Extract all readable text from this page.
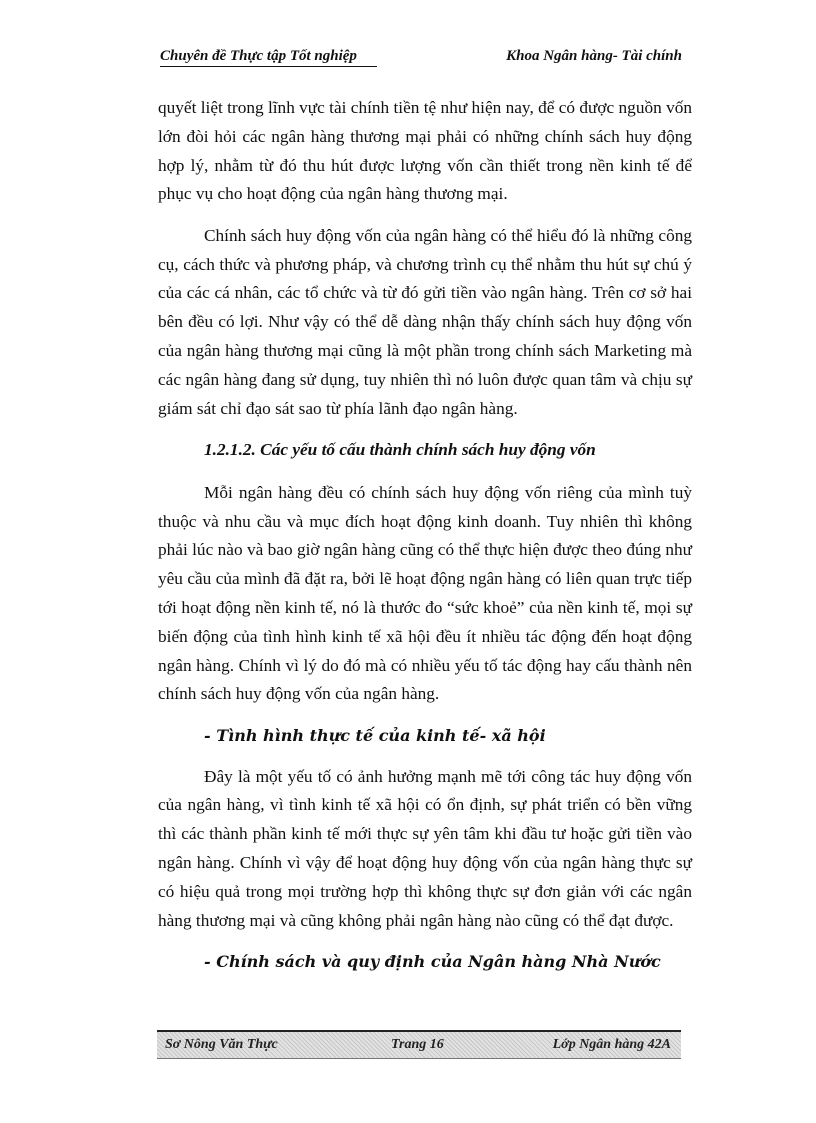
Chuyên đề Thực tập Tốt nghiệp	Khoa Ngân hàng- Tài chính

quyết liệt trong lĩnh vực tài chính tiền tệ như hiện nay, để có được nguồn vốn lớn đòi hỏi các ngân hàng thương mại phải có những chính sách huy động hợp lý, nhằm từ đó thu hút được lượng vốn cần thiết trong nền kinh tế để phục vụ cho hoạt động của ngân hàng thương mại.

Chính sách huy động vốn của ngân hàng có thể hiểu đó là những công cụ, cách thức và phương pháp, và chương trình cụ thể nhằm thu hút sự chú ý của các cá nhân, các tổ chức và từ đó gửi tiền vào ngân hàng. Trên cơ sở hai bên đều có lợi. Như vậy có thể dễ dàng nhận thấy chính sách huy động vốn của ngân hàng thương mại cũng là một phần trong chính sách Marketing mà các ngân hàng đang sử dụng, tuy nhiên thì nó luôn được quan tâm và chịu sự giám sát chỉ đạo sát sao từ phía lãnh đạo ngân hàng.

1.2.1.2. Các yếu tố cấu thành chính sách huy động vốn

Mỗi ngân hàng đều có chính sách huy động vốn riêng của mình tuỳ thuộc và nhu cầu và mục đích hoạt động kinh doanh. Tuy nhiên thì không phải lúc nào và bao giờ ngân hàng cũng có thể thực hiện được theo đúng như yêu cầu của mình đã đặt ra, bởi lẽ hoạt động ngân hàng có liên quan trực tiếp tới hoạt động nền kinh tế, nó là thước đo “sức khoẻ” của nền kinh tế, mọi sự biến động của tình hình kinh tế xã hội đều ít nhiều tác động đến hoạt động ngân hàng. Chính vì lý do đó mà có nhiều yếu tố tác động hay cấu thành nên chính sách huy động vốn của ngân hàng.

- Tình hình thực tế của kinh tế- xã hội

Đây là một yếu tố có ảnh hưởng mạnh mẽ tới công tác huy động vốn của ngân hàng, vì tình kinh tế xã hội có ổn định, sự phát triển có bền vững thì các thành phần kinh tế mới thực sự yên tâm khi đầu tư hoặc gửi tiền vào ngân hàng. Chính vì vậy để hoạt động huy động vốn của ngân hàng thực sự có hiệu quả trong mọi trường hợp thì không thực sự đơn giản với các ngân hàng thương mại và cũng không phải ngân hàng nào cũng có thể đạt được.

- Chính sách và quy định của Ngân hàng Nhà Nước
Sơ Nông Văn Thực	Trang 16	Lớp Ngân hàng 42A
